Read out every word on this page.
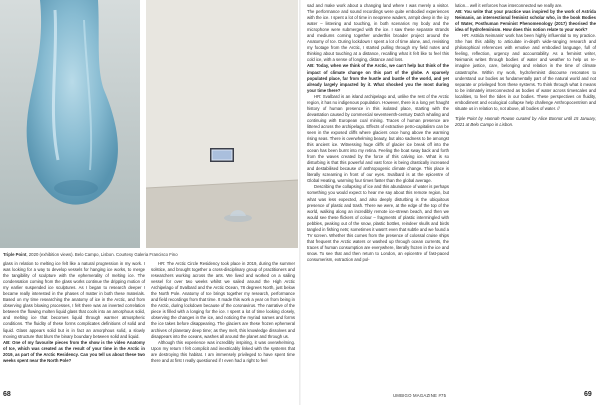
Triple Point, 2020 (exhibition views). Belo Campo, Lisbon. Courtesy Galeria Francisco Fino

glass in relation to melting ice felt like a natural progression in my work. I was looking for a way to develop vessels for hanging ice works, to merge the tangibility of sculpture with the ephemerality of melting ice. The condensation coming from the glass works continue the dripping motion of my earlier suspended ice sculptures. As I began to research deeper I became really interested in the phases of matter in both these materials. Based on my time researching the anatomy of ice in the Arctic, and from observing glass blowing processes, I felt there was an inverted correlation between the flowing molten liquid glass that cools into an amorphous solid, and melting ice that becomes liquid through warmer atmospheric conditions. The fluidity of these forms complicates definitions of solid and liquid. Glass appears solid but is in fact an amorphous solid, a slowly moving structure that blurs the binary boundary between solid and liquid.

AB: One of my favourite pieces from the show is the video Anatomy of Ice, which was created as the result of your time in the Arctic in 2019, as part of the Arctic Residency. Can you tell us about these two weeks spent near the North Pole?

HR: The Arctic Circle Residency took place in 2019, during the summer solstice, and brought together a cross-disciplinary group of practitioners and researchers working across the arts. We lived and worked on a sailing vessel for over two weeks whilst we sailed around the High Arctic Archipelago of Svalbard and the Arctic Ocean, 78 degrees North, just below the North Pole. Anatomy of Ice brings together my research, performance and field recordings from that time. It made this work a year on from being in the Arctic, during lockdown because of the coronavirus. The narrative of the piece is filled with a longing for the ice. I spent a lot of time looking closely, observing the changes in the ice, and noticing the myriad names and forms the ice takes before disappearing. The glaciers are these frozen ephemeral archives of planetary deep time; as they melt, this knowledge dissolves and disappears into the oceans, washes all around the planet and through us.

Although this experience was incredibly inspiring, it was overwhelming. Upon my return I felt complicit and inextricably linked with the systems that are destroying this habitat. I am immensely privileged to have spent time there and at first I really questioned if I even had a right to feel

sad and make work about a changing land where I was merely a visitor. The performance and sound recordings were quite embodied experiences with the ice. I spent a lot of time in neoprene waders, armpit deep in the icy water – listening and touching, in both scenarios my body and the microphone were submerged with the ice. I saw these separate strands and mediums coming together underthis broader project around the Anatomy of Ice. During lockdown I spent a lot of time alone, and, revisiting my footage from the Arctic, I started pulling through my field notes and thinking about touching at a distance, recalling what it felt like to feel this cold ice, with a sense of longing, distance and loss.

AB: Today, when we think of the Arctic, we can't help but think of the impact of climate change on this part of the globe. A sparsely populated place, far from the hustle and bustle of the world, and yet already largely impacted by it. What shocked you the most during your time there?

HR: Svalbard is an island archipelago and, unlike the rest of the Arctic region, it has no indigenous population. However, there is a long yet fraught history of human presence in this isolated place, starting with the devastation caused by commercial seventeenth-century Dutch whaling and continuing with European coal mining. Traces of human presence are littered across the archipelago. Effects of extractive petro-capitalism can be seen in the exposed cliffs where glaciers once hung above the warming rising seas. There is overwhelming beauty, but also sadness to be amongst this ancient ice. Witnessing huge cliffs of glacier ice break off into the ocean has been burnt into my retina. Feeling the boat sway back and forth from the waves created by the force of this calving ice. What is so disturbing is that this powerful and vast force is being drastically increased and destabilised because of anthropogenic climate change. This place is literally screaming in front of our eyes. Svalbard is at the epicentre of Global Heating, warming four times faster than the global average.

Describing the collapsing of ice and this abundance of water is perhaps something you would expect to hear me say about this remote region, but what was less expected, and also deeply disturbing is the ubiquitous presence of plastic and trash. There we were, at the edge of the top of the world, walking along an incredibly remote ice-strewn beach, and then we would see these flickers of colour – fragments of plastic intermingled with pebbles, peaking out of the snow, plastic bottles, reindeer skulls and birds tangled in fishing nets; sometimes it wasn't even that subtle and we found a TV screen. Whether this comes from the presence of colossal cruise ships that frequent the Arctic waters or washed up through ocean currents, the traces of human consumption are everywhere, literally frozen in the ice and snow. To see that and then return to London, an epicentre of fast-paced consumerism, extraction and pol-

lution... well it enforces how interconnected we really are.

AB: You write that your practice was inspired by the work of Astrida Neimanis, an intersectional feminist scholar who, in the book Bodies of Water, Posthuman Feminist Phenomenology (2017) theorised the idea of hydrofeminism. How does this notion relate to your work?

HR: Astrida Neimanis' work has been highly influential to my practice. She has this ability to articulate in-depth wide-ranging research and philosophical references with emotive and embodied language, full of feeling, reflection, urgency and accountability. As a feminist writer, Neimanis writes through bodies of water and weather to help us re-imagine justice, care, belonging and relation in the time of climate catastrophe. Within my work, hydrofeminist discourse resonates to understand our bodies as fundamentally part of the natural world and not separate or privileged from these systems. To think through what it means to be intimately interconnected as bodies of water across timescales and localities, to feel the tides in our bodies. These perspectives on fluidity, embodiment and ecological collapse help challenge Anthropocentrism and situate us in relation to, not above, all bodies of water. //

Triple Point by Hannah Rowan curated by Alice Bonnot until 15 January, 2021 at Belo Campo in Lisbon.

68	UMBIGO MAGAZINE #75	69
